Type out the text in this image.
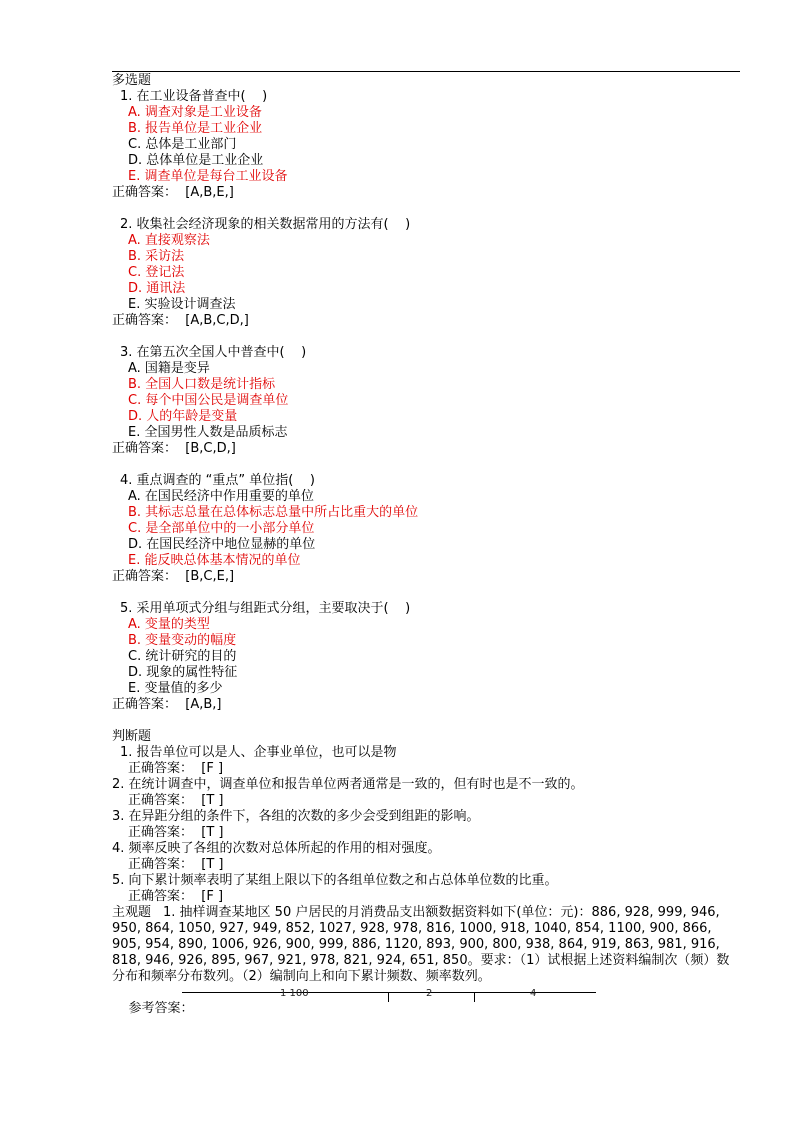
多选题
1. 在工业设备普查中(    )
A. 调查对象是工业设备
B. 报告单位是工业企业
C. 总体是工业部门
D. 总体单位是工业企业
E. 调查单位是每台工业设备
正确答案： [A,B,E,]
2. 收集社会经济现象的相关数据常用的方法有(    )
A. 直接观察法
B. 采访法
C. 登记法
D. 通讯法
E. 实验设计调查法
正确答案： [A,B,C,D,]
3. 在第五次全国人中普查中(    )
A. 国籍是变异
B. 全国人口数是统计指标
C. 每个中国公民是调查单位
D. 人的年龄是变量
E. 全国男性人数是品质标志
正确答案： [B,C,D,]
4. 重点调查的 “重点” 单位指(    )
A. 在国民经济中作用重要的单位
B. 其标志总量在总体标志总量中所占比重大的单位
C. 是全部单位中的一小部分单位
D. 在国民经济中地位显赫的单位
E. 能反映总体基本情况的单位
正确答案： [B,C,E,]
5. 采用单项式分组与组距式分组，主要取决于(    )
A. 变量的类型
B. 变量变动的幅度
C. 统计研究的目的
D. 现象的属性特征
E. 变量值的多少
正确答案： [A,B,]
判断题
1. 报告单位可以是人、企事业单位，也可以是物
正确答案： [F ]
2. 在统计调查中，调查单位和报告单位两者通常是一致的，但有时也是不一致的。
正确答案： [T ]
3. 在异距分组的条件下，各组的次数的多少会受到组距的影响。
正确答案： [T ]
4. 频率反映了各组的次数对总体所起的作用的相对强度。
正确答案： [T ]
5. 向下累计频率表明了某组上限以下的各组单位数之和占总体单位数的比重。
正确答案： [F ]
主观题 1. 抽样调查某地区 50 户居民的月消费品支出额数据资料如下(单位：元)：886, 928, 999, 946, 950, 864, 1050, 927, 949, 852, 1027, 928, 978, 816, 1000, 918, 1040, 854, 1100, 900, 866, 905, 954, 890, 1006, 926, 900, 999, 886, 1120, 893, 900, 800, 938, 864, 919, 863, 981, 916, 818, 946, 926, 895, 967, 921, 978, 821, 924, 651, 850。要求：（1）试根据上述资料编制次（频）数分布和频率分布数列。（2）编制向上和向下累计频数、频率数列。

参考答案：

1 100

	2

	4
